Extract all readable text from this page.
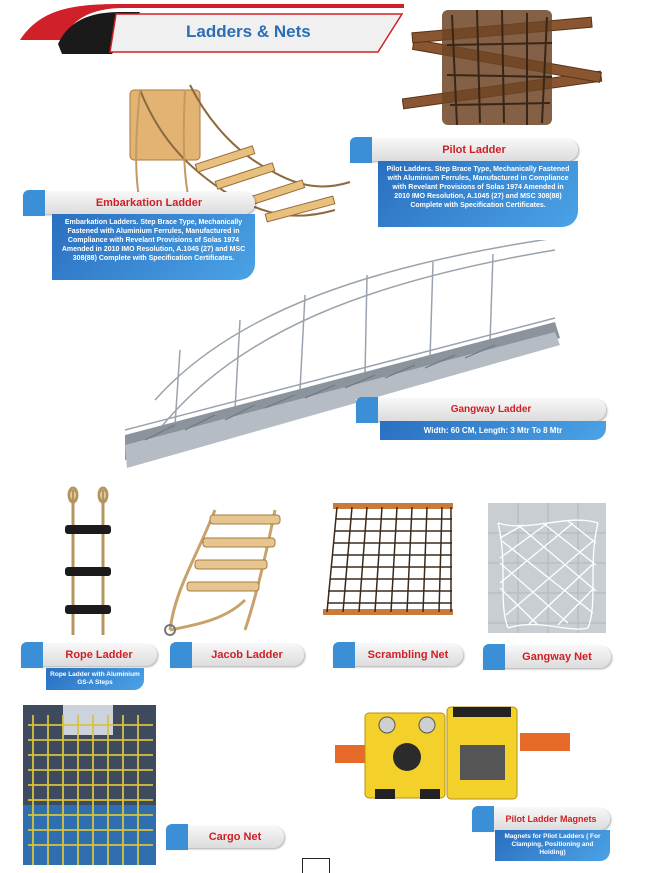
Ladders & Nets
Pilot Ladder
Pilot Ladders. Step Brace Type, Mechanically Fastened with Aluminium Ferrules, Manufactured in Compliance with Revelant Provisions of Solas 1974 Amended in 2010 IMO Resolution, A.1045 (27) and MSC 308(88) Complete with Specification Certificates.
Embarkation Ladder
Embarkation Ladders. Step Brace Type, Mechanically Fastened with Aluminium Ferrules, Manufactured in Compliance with Revelant Provisions of Solas 1974 Amended in 2010 IMO Resolution, A.1045 (27) and MSC 308(88) Complete with Specification Certificates.
Gangway Ladder
Width: 60 CM, Length: 3 Mtr To 8 Mtr
Rope Ladder
Rope Ladder with Aluminium GS-A Steps
Jacob Ladder	Scrambling Net	Gangway Net
Cargo Net
Pilot Ladder Magnets
Magnets for Pilot Ladders ( For Clamping, Positioning and Holding)
